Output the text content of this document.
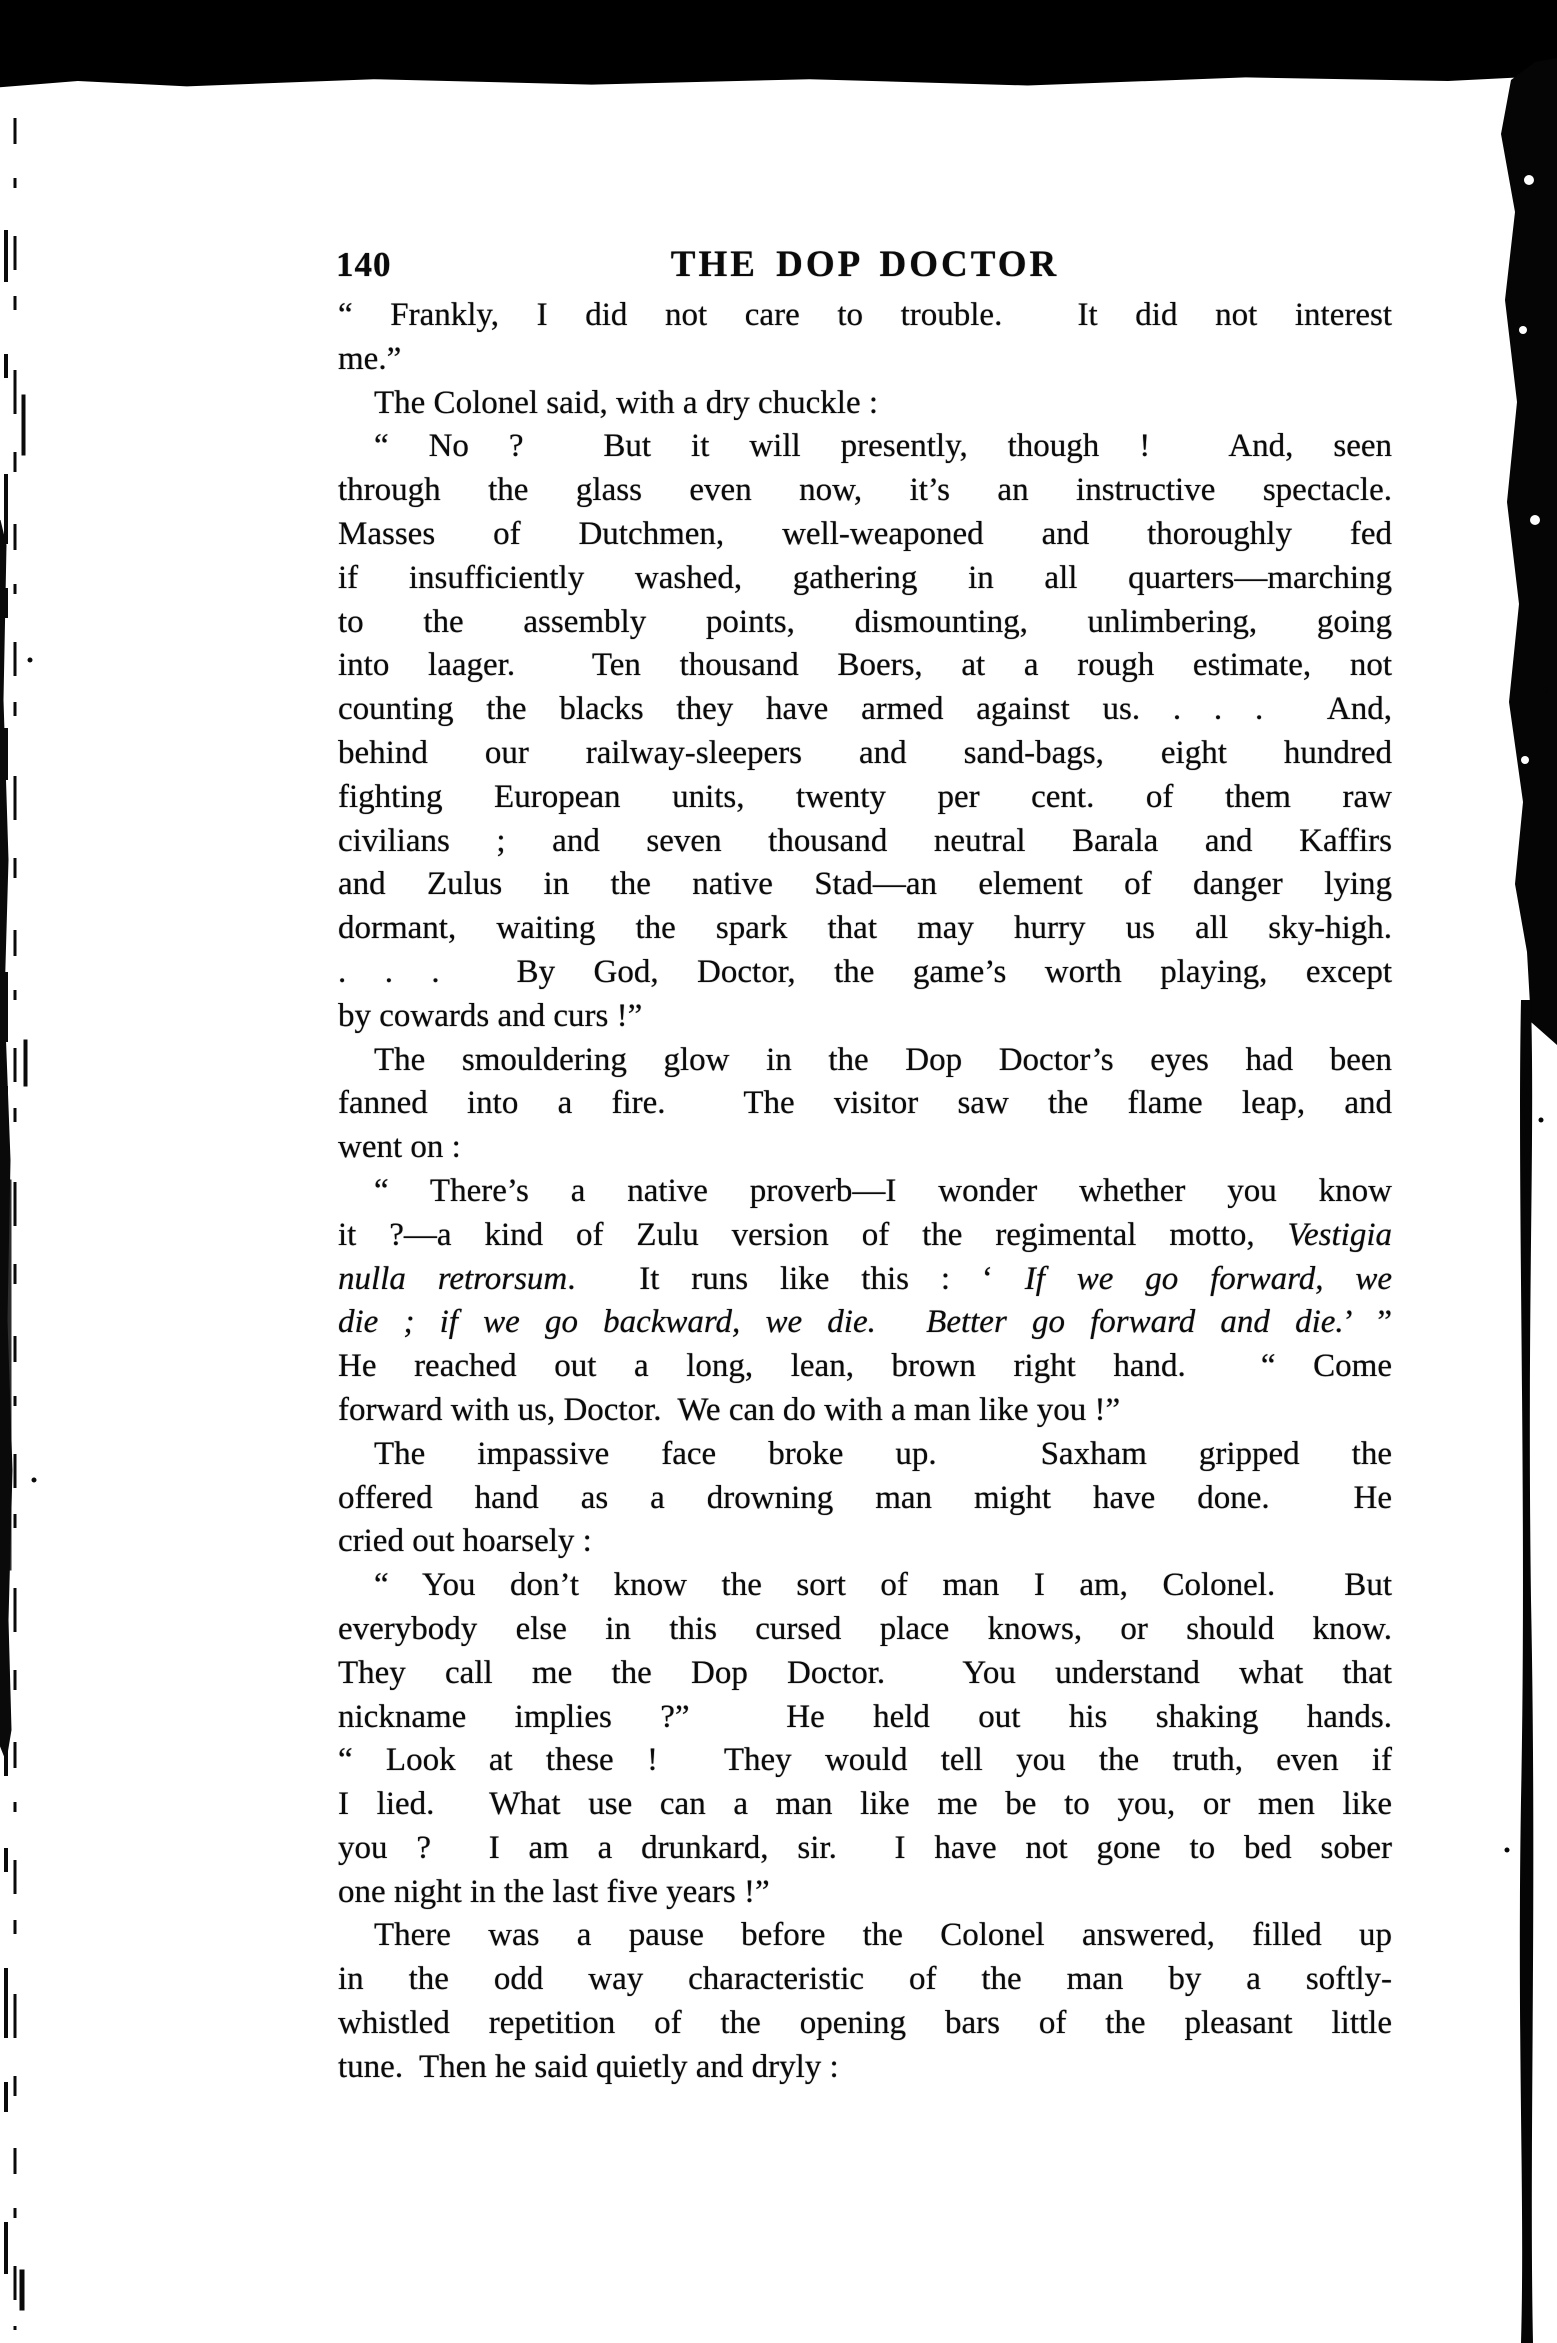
140	THE DOP DOCTOR
“ Frankly, I did not care to trouble.  It did not interest
me.”
The Colonel said, with a dry chuckle :
“ No ?  But it will presently, though !  And, seen
through the glass even now, it’s an instructive spectacle.
Masses of Dutchmen, well-weaponed and thoroughly fed
if insufficiently washed, gathering in all quarters—marching
to the assembly points, dismounting, unlimbering, going
into laager.  Ten thousand Boers, at a rough estimate, not
counting the blacks they have armed against us. . . .  And,
behind our railway-sleepers and sand-bags, eight hundred
fighting European units, twenty per cent. of them raw
civilians ; and seven thousand neutral Barala and Kaffirs
and Zulus in the native Stad—an element of danger lying
dormant, waiting the spark that may hurry us all sky-high.
. . .  By God, Doctor, the game’s worth playing, except
by cowards and curs !”
The smouldering glow in the Dop Doctor’s eyes had been
fanned into a fire.  The visitor saw the flame leap, and
went on :
“ There’s a native proverb—I wonder whether you know
it ?—a kind of Zulu version of the regimental motto, Vestigia
nulla retrorsum.  It runs like this : ‘ If we go forward, we
die ; if we go backward, we die.  Better go forward and die.’ ”
He reached out a long, lean, brown right hand.  “ Come
forward with us, Doctor.  We can do with a man like you !”
The impassive face broke up.  Saxham gripped the
offered hand as a drowning man might have done.  He
cried out hoarsely :
“ You don’t know the sort of man I am, Colonel.  But
everybody else in this cursed place knows, or should know.
They call me the Dop Doctor.  You understand what that
nickname implies ?”  He held out his shaking hands.
“ Look at these !  They would tell you the truth, even if
I lied.  What use can a man like me be to you, or men like
you ?  I am a drunkard, sir.  I have not gone to bed sober
one night in the last five years !”
There was a pause before the Colonel answered, filled up
in the odd way characteristic of the man by a softly-
whistled repetition of the opening bars of the pleasant little
tune.  Then he said quietly and dryly :
